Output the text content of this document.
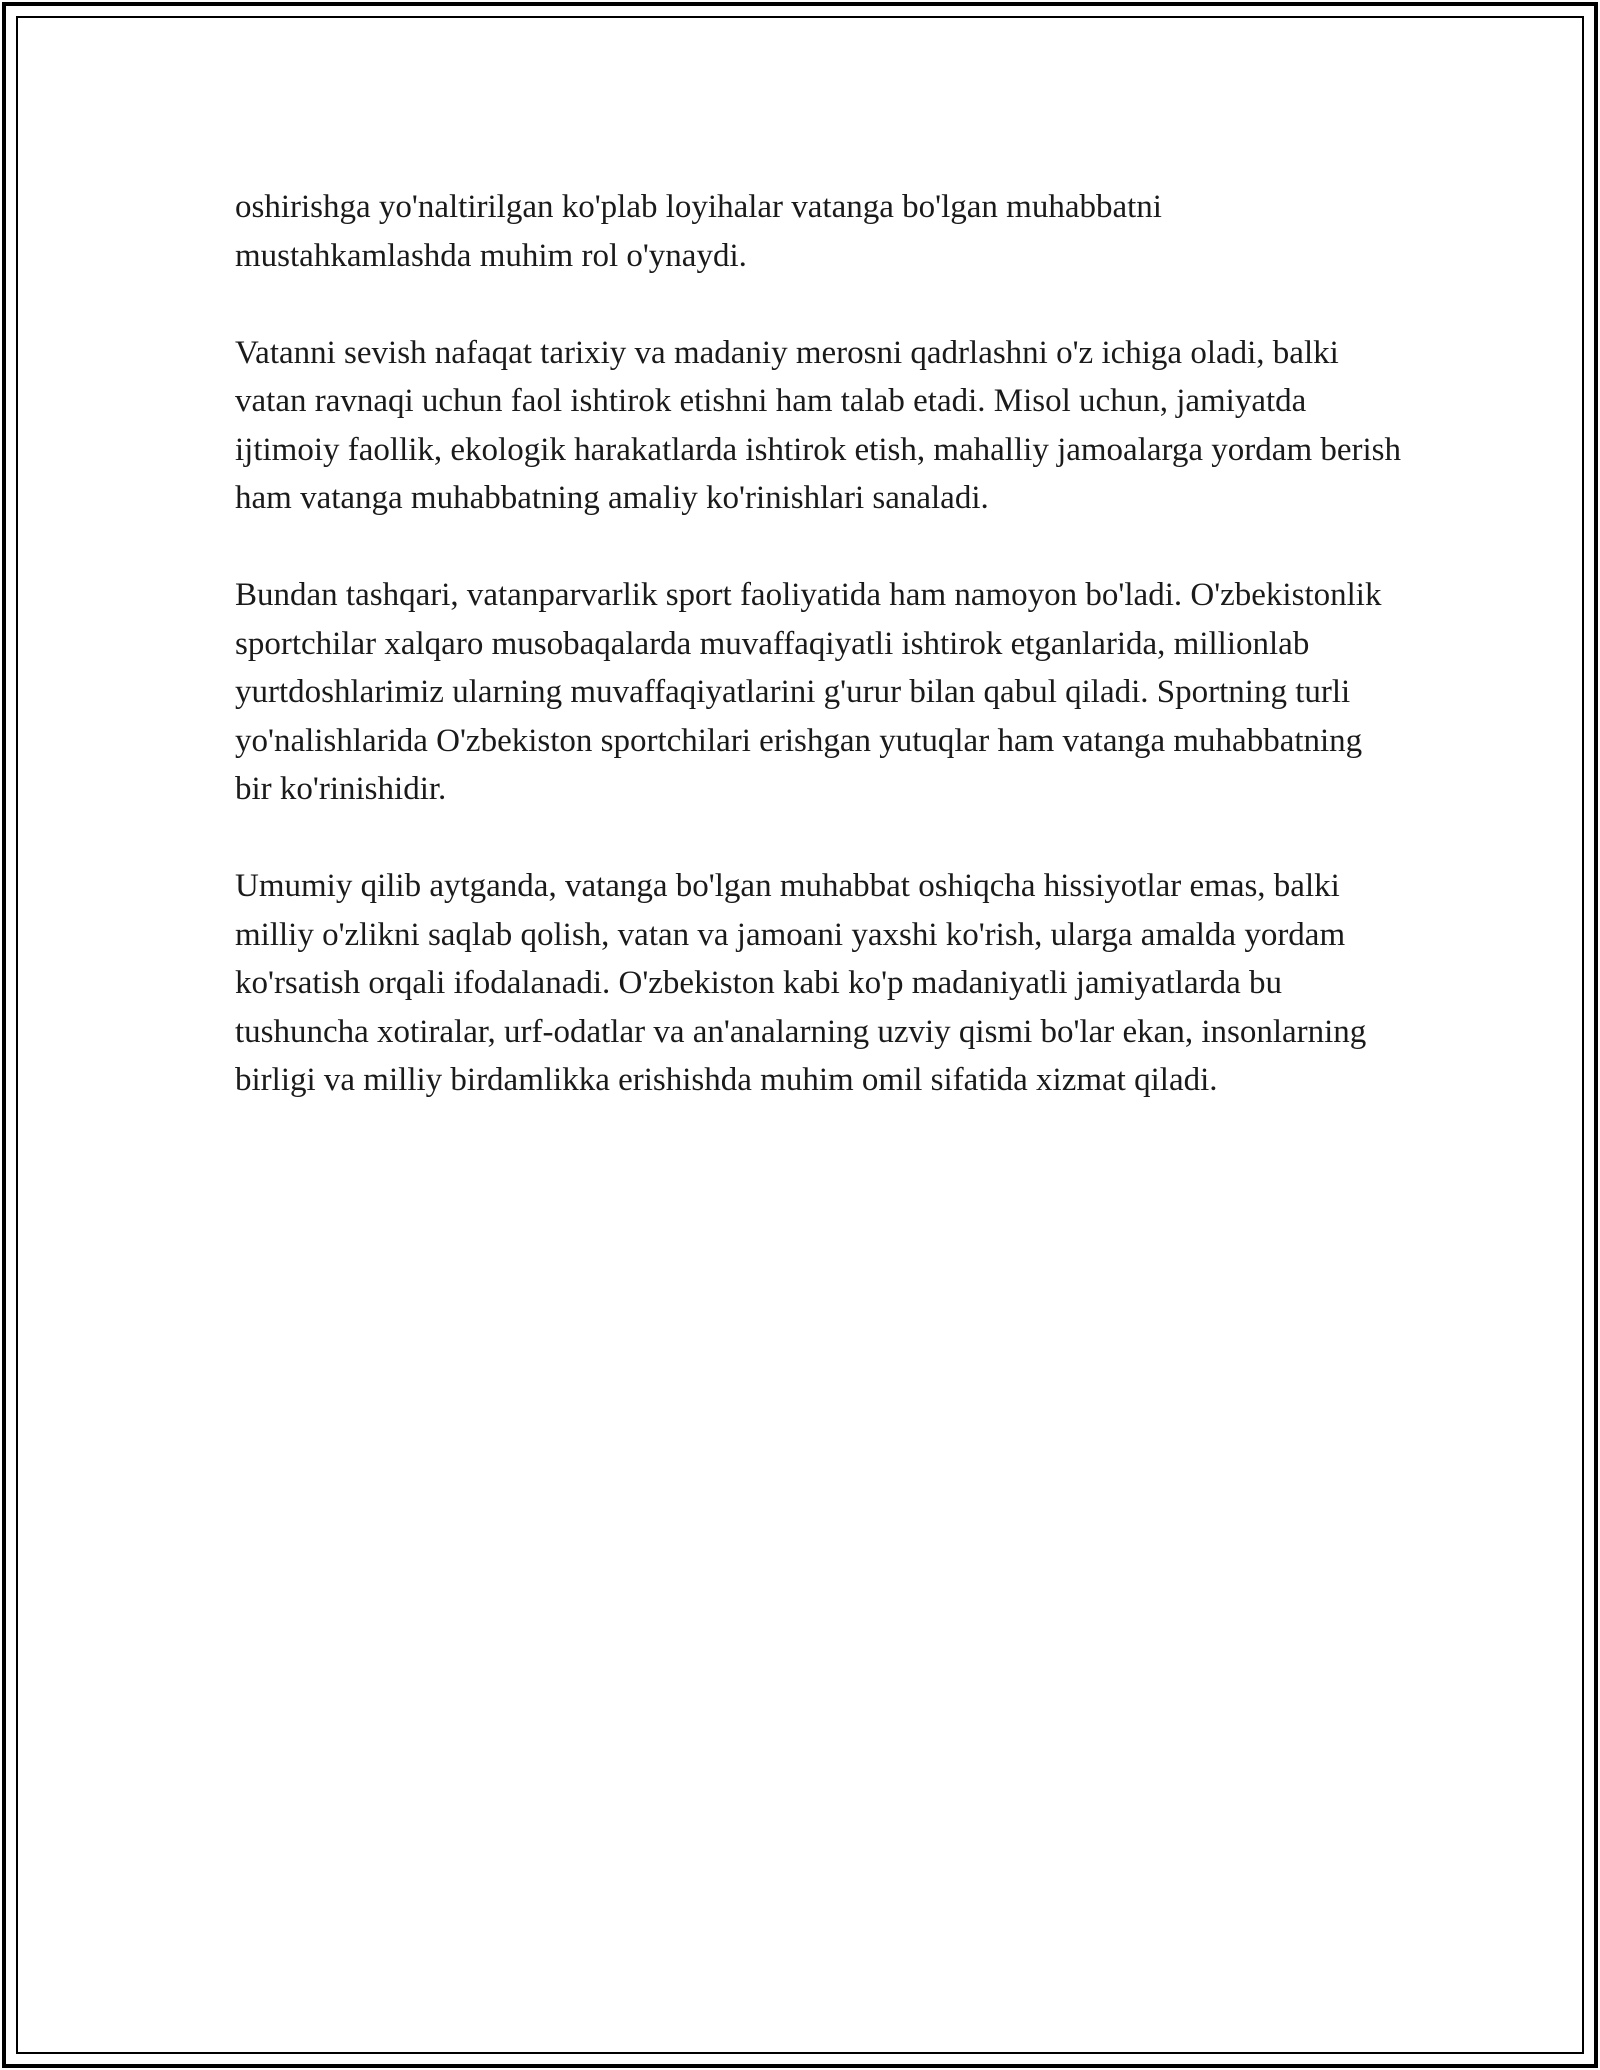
oshirishga yo'naltirilgan ko'plab loyihalar vatanga bo'lgan muhabbatni mustahkamlashda muhim rol o'ynaydi.

Vatanni sevish nafaqat tarixiy va madaniy merosni qadrlashni o'z ichiga oladi, balki vatan ravnaqi uchun faol ishtirok etishni ham talab etadi. Misol uchun, jamiyatda ijtimoiy faollik, ekologik harakatlarda ishtirok etish, mahalliy jamoalarga yordam berish ham vatanga muhabbatning amaliy ko'rinishlari sanaladi.

Bundan tashqari, vatanparvarlik sport faoliyatida ham namoyon bo'ladi. O'zbekistonlik sportchilar xalqaro musobaqalarda muvaffaqiyatli ishtirok etganlarida, millionlab yurtdoshlarimiz ularning muvaffaqiyatlarini g'urur bilan qabul qiladi. Sportning turli yo'nalishlarida O'zbekiston sportchilari erishgan yutuqlar ham vatanga muhabbatning bir ko'rinishidir.

Umumiy qilib aytganda, vatanga bo'lgan muhabbat oshiqcha hissiyotlar emas, balki milliy o'zlikni saqlab qolish, vatan va jamoani yaxshi ko'rish, ularga amalda yordam ko'rsatish orqali ifodalanadi. O'zbekiston kabi ko'p madaniyatli jamiyatlarda bu tushuncha xotiralar, urf-odatlar va an'analarning uzviy qismi bo'lar ekan, insonlarning birligi va milliy birdamlikka erishishda muhim omil sifatida xizmat qiladi.
